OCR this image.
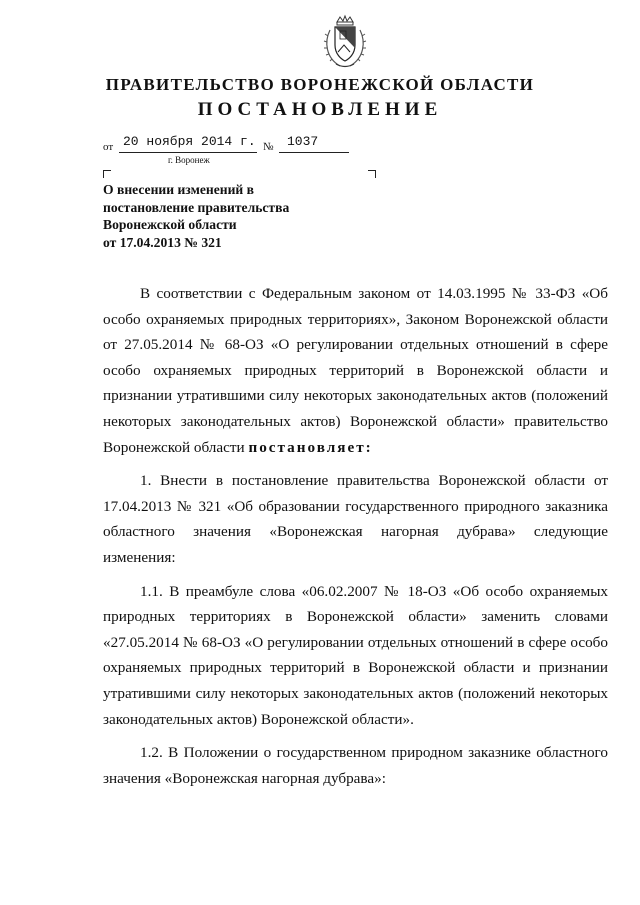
ПРАВИТЕЛЬСТВО ВОРОНЕЖСКОЙ ОБЛАСТИ
ПОСТАНОВЛЕНИЕ
от 20 ноября 2014 г. № 1037
г. Воронеж
О внесении изменений в
постановление правительства
Воронежской области
от 17.04.2013 № 321

В соответствии с Федеральным законом от 14.03.1995 № 33-ФЗ «Об особо охраняемых природных территориях», Законом Воронежской области от 27.05.2014 № 68-ОЗ «О регулировании отдельных отношений в сфере особо охраняемых природных территорий в Воронежской области и признании утратившими силу некоторых законодательных актов (положений некоторых законодательных актов) Воронежской области» правительство Воронежской области постановляет:

1. Внести в постановление правительства Воронежской области от 17.04.2013 № 321 «Об образовании государственного природного заказника областного значения «Воронежская нагорная дубрава» следующие изменения:

1.1. В преамбуле слова «06.02.2007 № 18-ОЗ «Об особо охраняемых природных территориях в Воронежской области» заменить словами «27.05.2014 № 68-ОЗ «О регулировании отдельных отношений в сфере особо охраняемых природных территорий в Воронежской области и признании утратившими силу некоторых законодательных актов (положений некоторых законодательных актов) Воронежской области».

1.2. В Положении о государственном природном заказнике областного значения «Воронежская нагорная дубрава»:
